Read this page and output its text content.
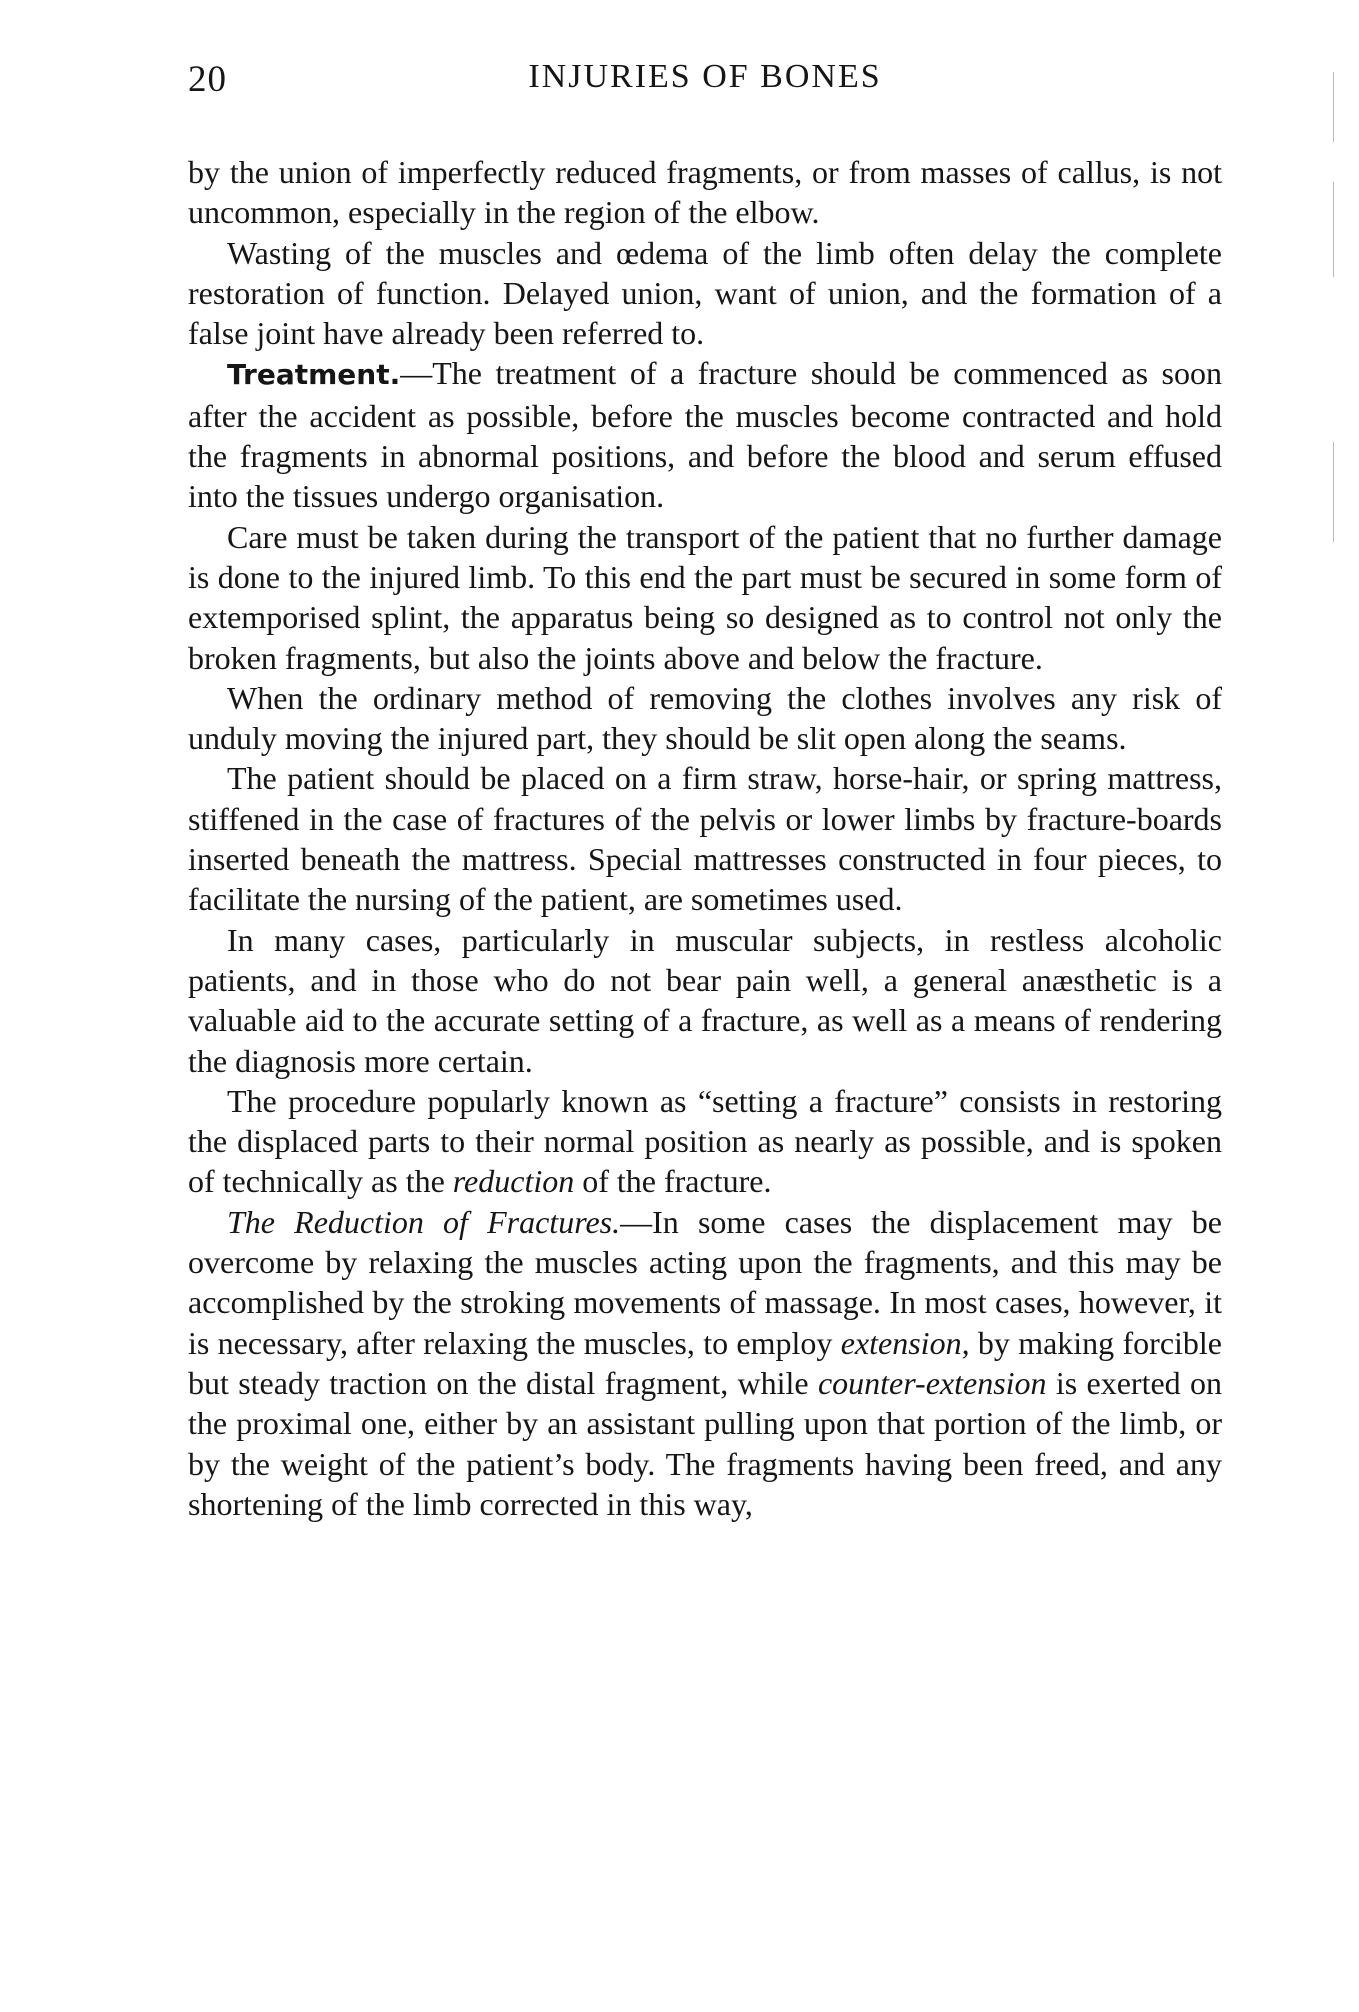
20	INJURIES OF BONES

by the union of imperfectly reduced fragments, or from masses of callus, is not uncommon, especially in the region of the elbow.

Wasting of the muscles and œdema of the limb often delay the complete restoration of function. Delayed union, want of union, and the formation of a false joint have already been referred to.

Treatment.—The treatment of a fracture should be commenced as soon after the accident as possible, before the muscles become contracted and hold the fragments in abnormal positions, and before the blood and serum effused into the tissues undergo organisation.

Care must be taken during the transport of the patient that no further damage is done to the injured limb. To this end the part must be secured in some form of extemporised splint, the apparatus being so designed as to control not only the broken fragments, but also the joints above and below the fracture.

When the ordinary method of removing the clothes involves any risk of unduly moving the injured part, they should be slit open along the seams.

The patient should be placed on a firm straw, horse-hair, or spring mattress, stiffened in the case of fractures of the pelvis or lower limbs by fracture-boards inserted beneath the mattress. Special mattresses constructed in four pieces, to facilitate the nursing of the patient, are sometimes used.

In many cases, particularly in muscular subjects, in restless alcoholic patients, and in those who do not bear pain well, a general anæsthetic is a valuable aid to the accurate setting of a fracture, as well as a means of rendering the diagnosis more certain.

The procedure popularly known as “setting a fracture” consists in restoring the displaced parts to their normal position as nearly as possible, and is spoken of technically as the reduction of the fracture.

The Reduction of Fractures.—In some cases the displacement may be overcome by relaxing the muscles acting upon the fragments, and this may be accomplished by the stroking movements of massage. In most cases, however, it is necessary, after relaxing the muscles, to employ extension, by making forcible but steady traction on the distal fragment, while counter-extension is exerted on the proximal one, either by an assistant pulling upon that portion of the limb, or by the weight of the patient’s body. The fragments having been freed, and any shortening of the limb corrected in this way,
